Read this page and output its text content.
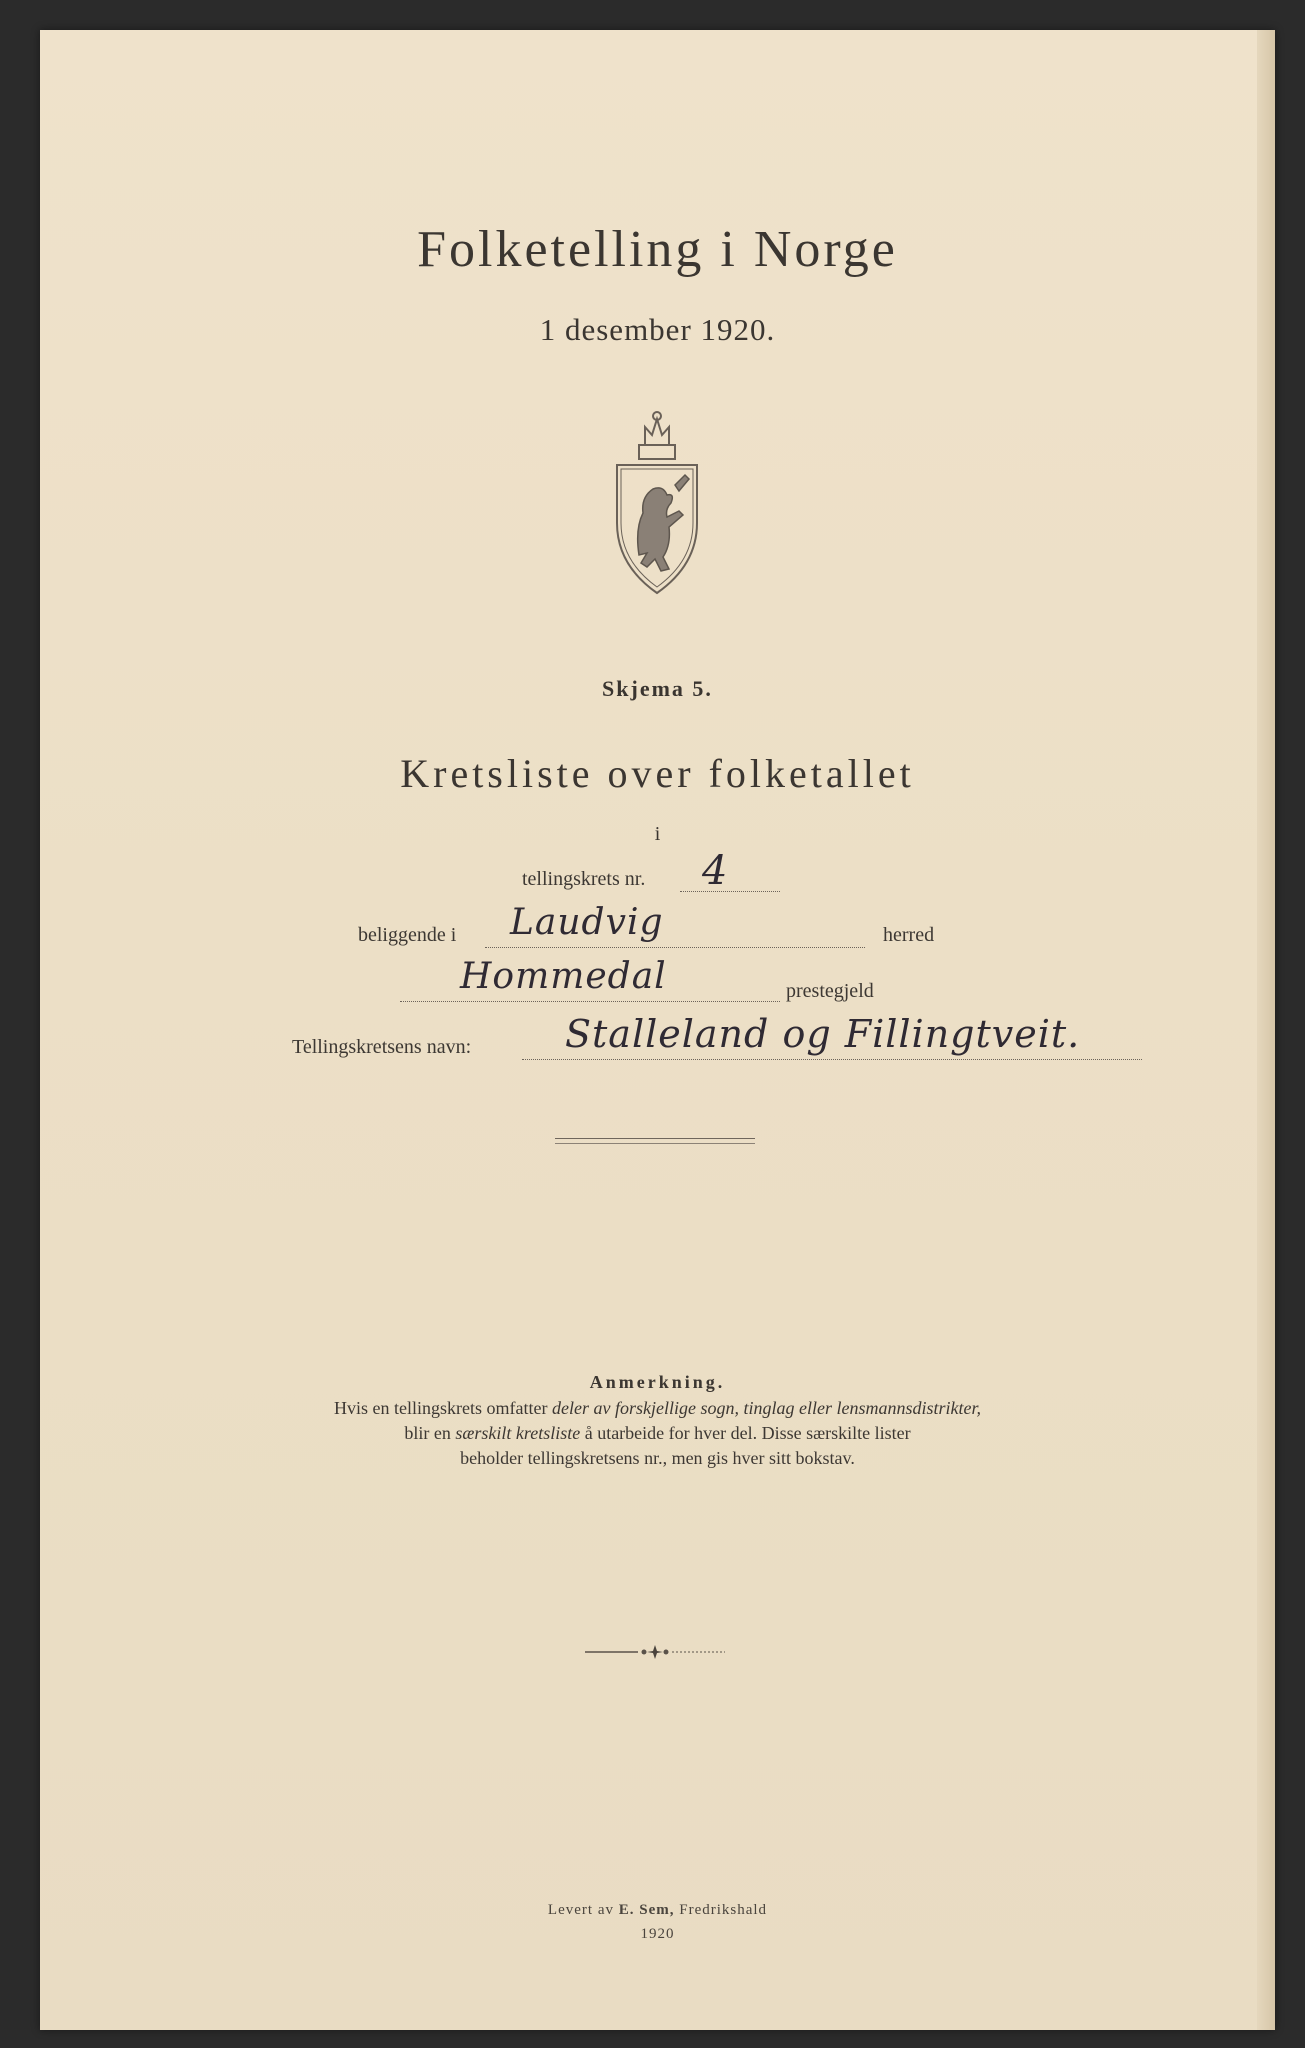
Folketelling i Norge
1 desember 1920.
Skjema 5.
Kretsliste over folketallet
i
tellingskrets nr. 4
beliggende i Laudvig	herred
Hommedal	prestegjeld
Tellingskretsens navn: Stalleland og Fillingtveit.
Anmerkning.
Hvis en tellingskrets omfatter deler av forskjellige sogn, tinglag eller lensmannsdistrikter,
blir en særskilt kretsliste å utarbeide for hver del. Disse særskilte lister
beholder tellingskretsens nr., men gis hver sitt bokstav.
Levert av E. Sem, Fredrikshald
1920
